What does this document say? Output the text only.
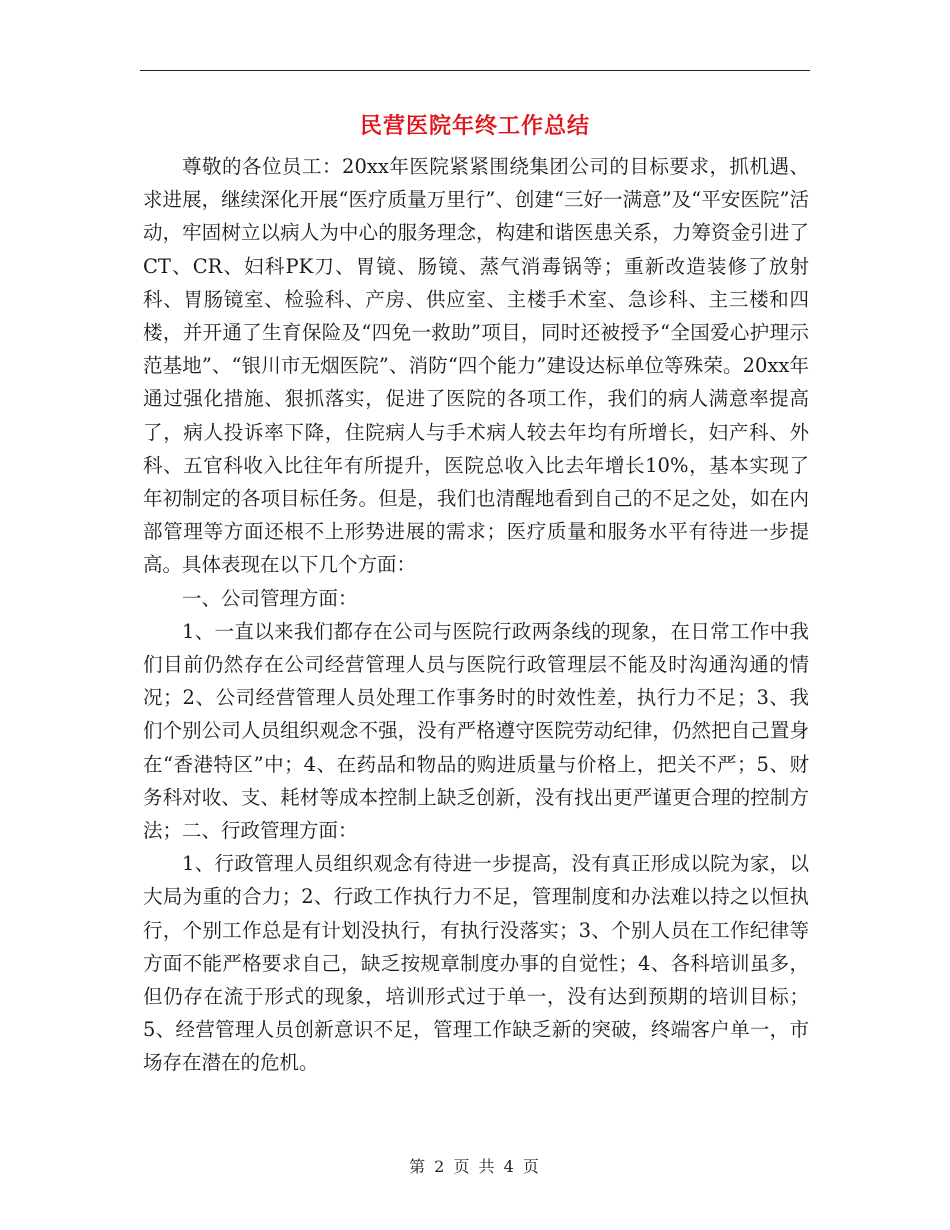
民营医院年终工作总结

尊敬的各位员工：20xx年医院紧紧围绕集团公司的目标要求，抓机遇、求进展，继续深化开展“医疗质量万里行”、创建“三好一满意”及“平安医院”活动，牢固树立以病人为中心的服务理念，构建和谐医患关系，力筹资金引进了CT、CR、妇科PK刀、胃镜、肠镜、蒸气消毒锅等；重新改造装修了放射科、胃肠镜室、检验科、产房、供应室、主楼手术室、急诊科、主三楼和四楼，并开通了生育保险及“四免一救助”项目，同时还被授予“全国爱心护理示范基地”、“银川市无烟医院”、消防“四个能力”建设达标单位等殊荣。20xx年通过强化措施、狠抓落实，促进了医院的各项工作，我们的病人满意率提高了，病人投诉率下降，住院病人与手术病人较去年均有所增长，妇产科、外科、五官科收入比往年有所提升，医院总收入比去年增长10%，基本实现了年初制定的各项目标任务。但是，我们也清醒地看到自己的不足之处，如在内部管理等方面还根不上形势进展的需求；医疗质量和服务水平有待进一步提高。具体表现在以下几个方面：

一、公司管理方面：

1、一直以来我们都存在公司与医院行政两条线的现象，在日常工作中我们目前仍然存在公司经营管理人员与医院行政管理层不能及时沟通沟通的情况；2、公司经营管理人员处理工作事务时的时效性差，执行力不足；3、我们个别公司人员组织观念不强，没有严格遵守医院劳动纪律，仍然把自己置身在“香港特区”中；4、在药品和物品的购进质量与价格上，把关不严；5、财务科对收、支、耗材等成本控制上缺乏创新，没有找出更严谨更合理的控制方法；二、行政管理方面：

1、行政管理人员组织观念有待进一步提高，没有真正形成以院为家，以大局为重的合力；2、行政工作执行力不足，管理制度和办法难以持之以恒执行，个别工作总是有计划没执行，有执行没落实；3、个别人员在工作纪律等方面不能严格要求自己，缺乏按规章制度办事的自觉性；4、各科培训虽多，但仍存在流于形式的现象，培训形式过于单一，没有达到预期的培训目标；5、经营管理人员创新意识不足，管理工作缺乏新的突破，终端客户单一，市场存在潜在的危机。

第 2 页 共 4 页
